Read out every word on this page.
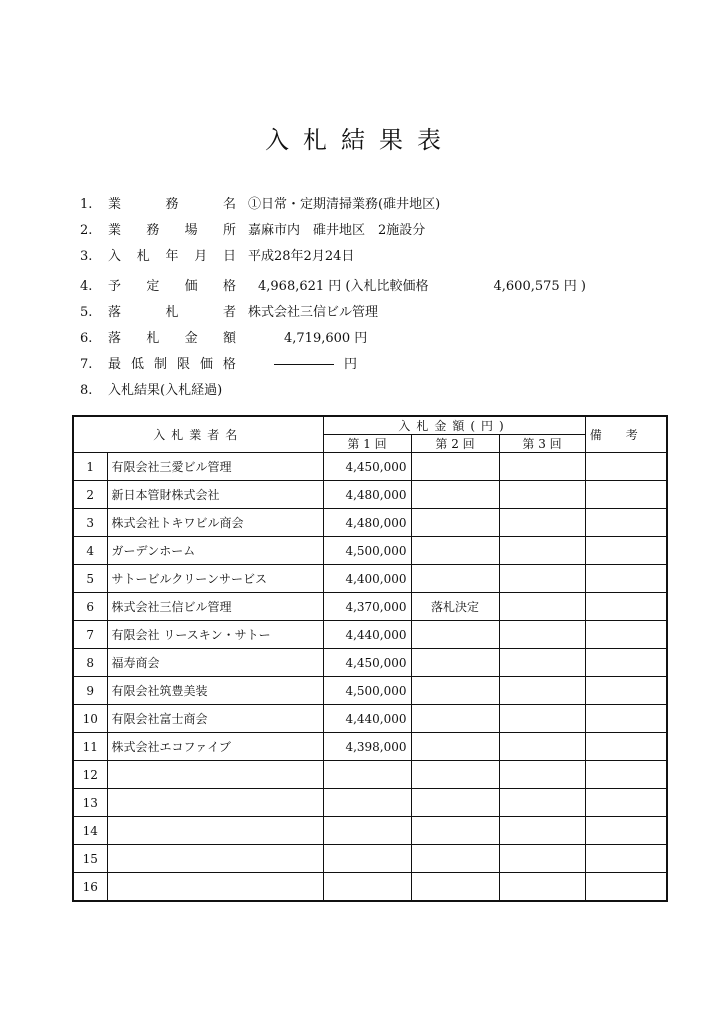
入札結果表
1.	業	務	名 ①日常・定期清掃業務(碓井地区)
2.	業 務 場 所 嘉麻市内　碓井地区　2施設分
3.	入 札 年 月 日 平成28年2月24日
4.	予 定 価 格 4,968,621 円 (入札比較価格　　　　　4,600,575 円 )
5.	落	札	者 株式会社三信ビル管理
6.	落 札 金 額	4,719,600 円
7.	最 低 制 限 価 格	円
8.	入札結果(入札経過)
入札業者名		入札金額(円)			備考
		第 1 回	第 2 回	第 3 回	
1	有限会社三愛ビル管理	4,450,000			
2	新日本管財株式会社	4,480,000			
3	株式会社トキワビル商会	4,480,000			
4	ガーデンホーム	4,500,000			
5	サトービルクリーンサービス	4,400,000			
6	株式会社三信ビル管理	4,370,000	落札決定		
7	有限会社 リースキン・サトー	4,440,000			
8	福寿商会	4,450,000			
9	有限会社筑豊美装	4,500,000			
10	有限会社富士商会	4,440,000			
11	株式会社エコファイブ	4,398,000			
12					
13					
14					
15					
16					
